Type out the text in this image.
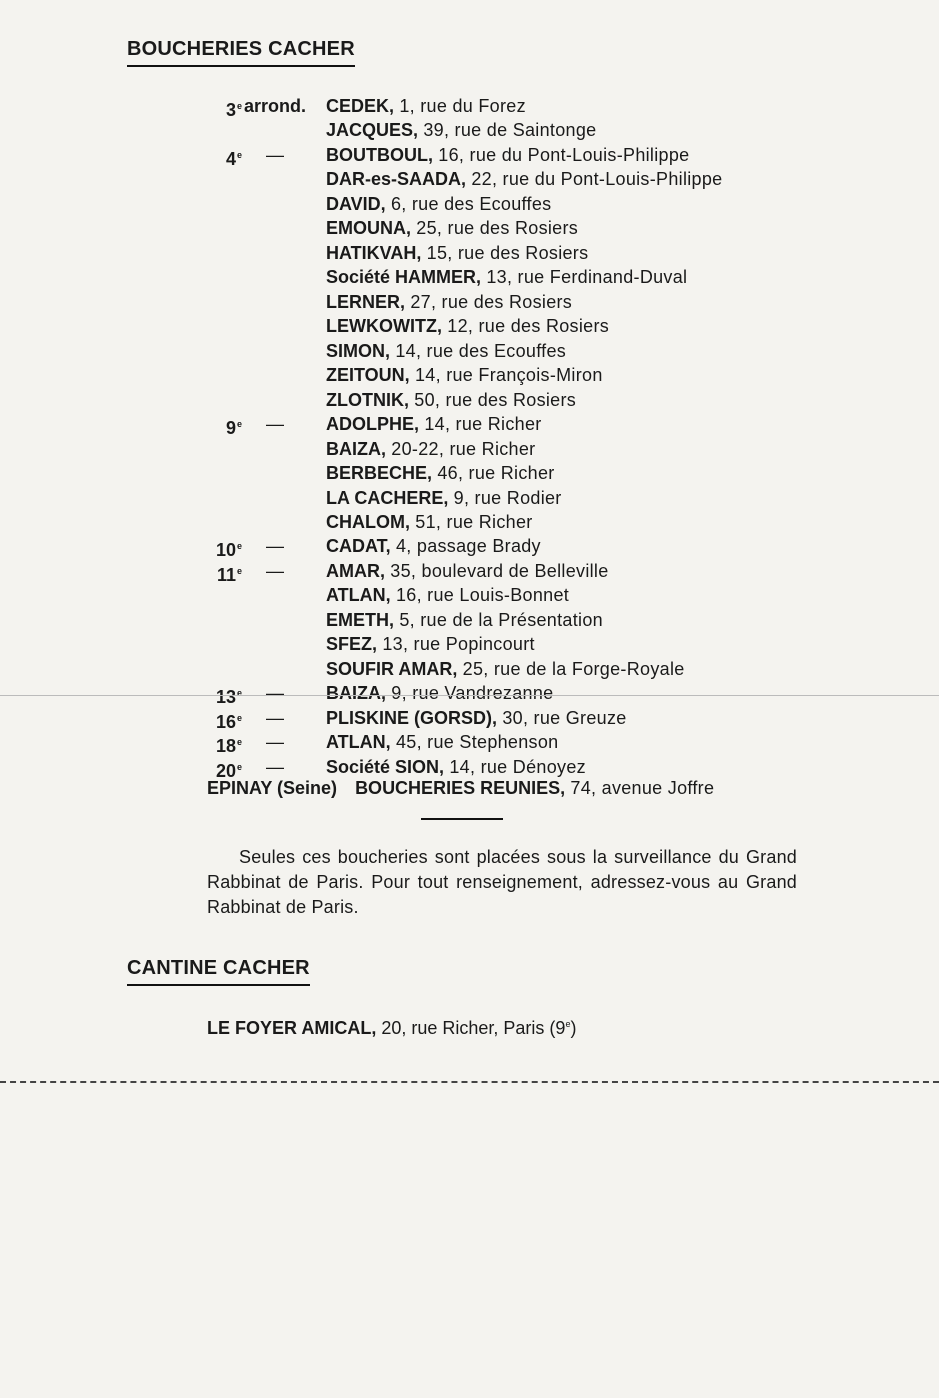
BOUCHERIES CACHER
3e arrond. CEDEK, 1, rue du Forez
JACQUES, 39, rue de Saintonge
4e — BOUTBOUL, 16, rue du Pont-Louis-Philippe
DAR-es-SAADA, 22, rue du Pont-Louis-Philippe
DAVID, 6, rue des Ecouffes
EMOUNA, 25, rue des Rosiers
HATIKVAH, 15, rue des Rosiers
Société HAMMER, 13, rue Ferdinand-Duval
LERNER, 27, rue des Rosiers
LEWKOWITZ, 12, rue des Rosiers
SIMON, 14, rue des Ecouffes
ZEITOUN, 14, rue François-Miron
ZLOTNIK, 50, rue des Rosiers
9e — ADOLPHE, 14, rue Richer
BAIZA, 20-22, rue Richer
BERBECHE, 46, rue Richer
LA CACHERE, 9, rue Rodier
CHALOM, 51, rue Richer
10e — CADAT, 4, passage Brady
11e — AMAR, 35, boulevard de Belleville
ATLAN, 16, rue Louis-Bonnet
EMETH, 5, rue de la Présentation
SFEZ, 13, rue Popincourt
SOUFIR AMAR, 25, rue de la Forge-Royale
13e — BAIZA, 9, rue Vandrezanne
16e — PLISKINE (GORSD), 30, rue Greuze
18e — ATLAN, 45, rue Stephenson
20e — Société SION, 14, rue Dénoyez
EPINAY (Seine) BOUCHERIES REUNIES, 74, avenue Joffre
Seules ces boucheries sont placées sous la surveillance du Grand Rabbinat de Paris. Pour tout renseignement, adressez-vous au Grand Rabbinat de Paris.
CANTINE CACHER
LE FOYER AMICAL, 20, rue Richer, Paris (9e)
